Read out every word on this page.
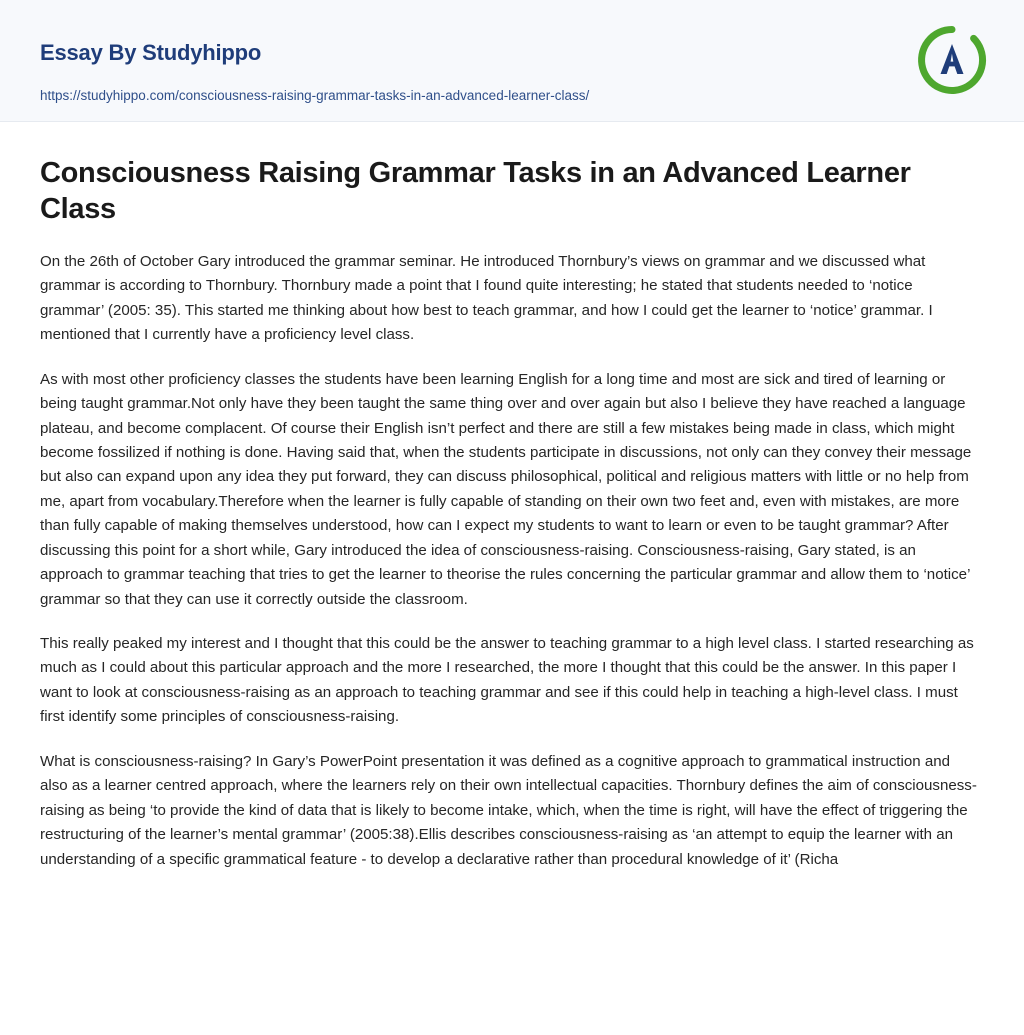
Essay By Studyhippo
https://studyhippo.com/consciousness-raising-grammar-tasks-in-an-advanced-learner-class/
Consciousness Raising Grammar Tasks in an Advanced Learner Class

On the 26th of October Gary introduced the grammar seminar. He introduced Thornbury’s views on grammar and we discussed what grammar is according to Thornbury. Thornbury made a point that I found quite interesting; he stated that students needed to ‘notice grammar’ (2005: 35). This started me thinking about how best to teach grammar, and how I could get the learner to ‘notice’ grammar. I mentioned that I currently have a proficiency level class.

As with most other proficiency classes the students have been learning English for a long time and most are sick and tired of learning or being taught grammar.Not only have they been taught the same thing over and over again but also I believe they have reached a language plateau, and become complacent. Of course their English isn’t perfect and there are still a few mistakes being made in class, which might become fossilized if nothing is done. Having said that, when the students participate in discussions, not only can they convey their message but also can expand upon any idea they put forward, they can discuss philosophical, political and religious matters with little or no help from me, apart from vocabulary.Therefore when the learner is fully capable of standing on their own two feet and, even with mistakes, are more than fully capable of making themselves understood, how can I expect my students to want to learn or even to be taught grammar? After discussing this point for a short while, Gary introduced the idea of consciousness-raising. Consciousness-raising, Gary stated, is an approach to grammar teaching that tries to get the learner to theorise the rules concerning the particular grammar and allow them to ‘notice’ grammar so that they can use it correctly outside the classroom.

This really peaked my interest and I thought that this could be the answer to teaching grammar to a high level class. I started researching as much as I could about this particular approach and the more I researched, the more I thought that this could be the answer. In this paper I want to look at consciousness-raising as an approach to teaching grammar and see if this could help in teaching a high-level class. I must first identify some principles of consciousness-raising.

What is consciousness-raising? In Gary’s PowerPoint presentation it was defined as a cognitive approach to grammatical instruction and also as a learner centred approach, where the learners rely on their own intellectual capacities. Thornbury defines the aim of consciousness-raising as being ‘to provide the kind of data that is likely to become intake, which, when the time is right, will have the effect of triggering the restructuring of the learner’s mental grammar’ (2005:38).Ellis describes consciousness-raising as ‘an attempt to equip the learner with an understanding of a specific grammatical feature - to develop a declarative rather than procedural knowledge of it’ (Richa
